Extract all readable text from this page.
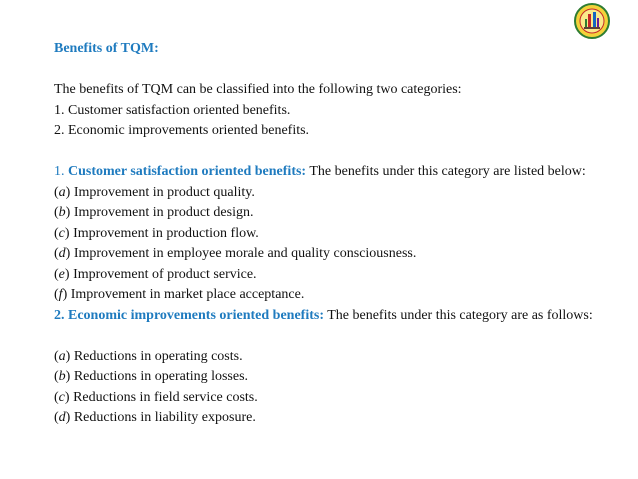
Benefits of TQM:

The benefits of TQM can be classified into the following two categories:

1. Customer satisfaction oriented benefits.

2. Economic improvements oriented benefits.

1. Customer satisfaction oriented benefits: The benefits under this category are listed below:

(a) Improvement in product quality.

(b) Improvement in product design.

(c) Improvement in production flow.

(d) Improvement in employee morale and quality consciousness.

(e) Improvement of product service.

(f) Improvement in market place acceptance.

2. Economic improvements oriented benefits: The benefits under this category are as follows:

(a) Reductions in operating costs.

(b) Reductions in operating losses.

(c) Reductions in field service costs.

(d) Reductions in liability exposure.
